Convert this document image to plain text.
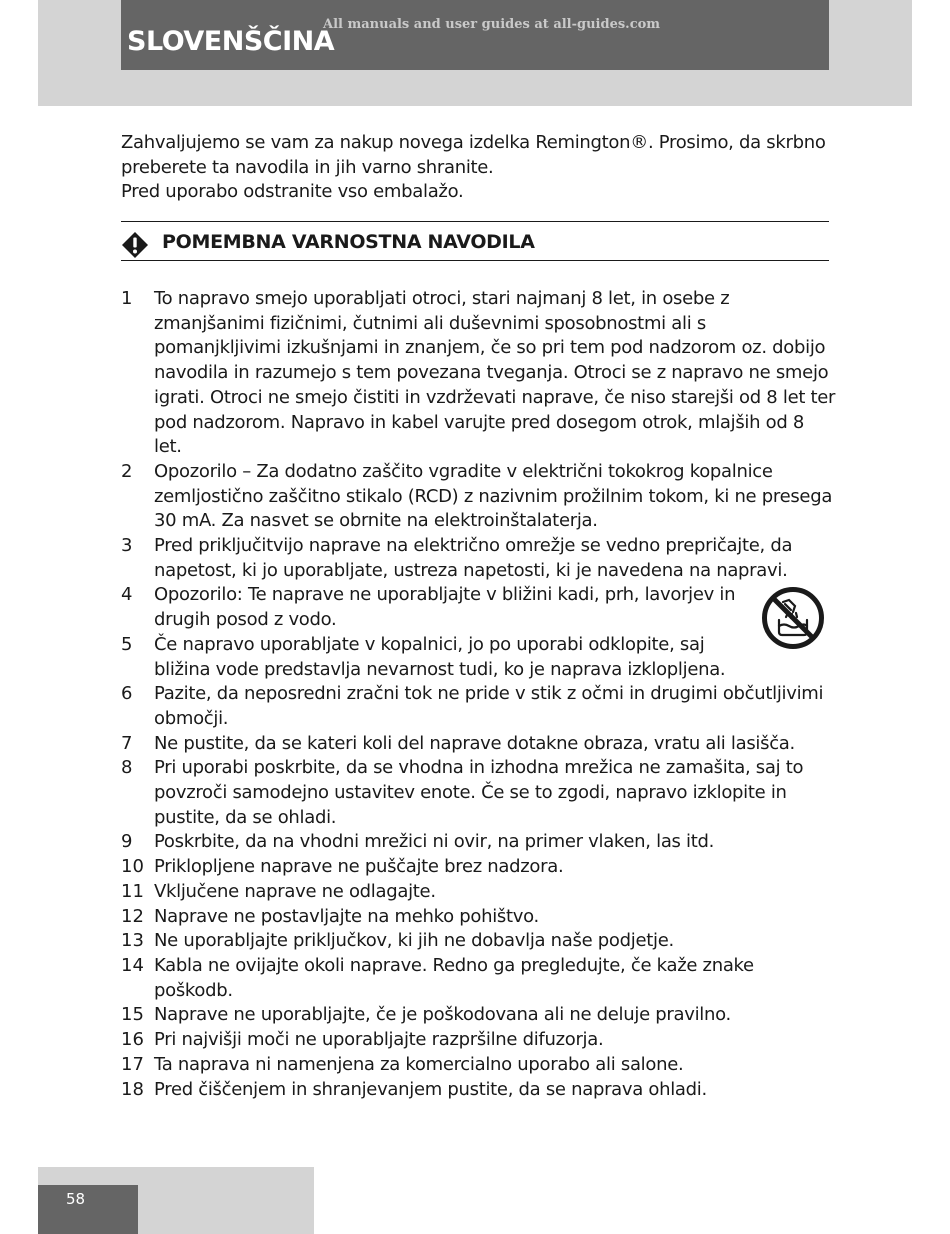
SLOVENŠČINA
All manuals and user guides at all-guides.com

Zahvaljujemo se vam za nakup novega izdelka Remington®. Prosimo, da skrbno

preberete ta navodila in jih varno shranite.

Pred uporabo odstranite vso embalažo.

POMEMBNA VARNOSTNA NAVODILA
1 To napravo smejo uporabljati otroci, stari najmanj 8 let, in osebe z
zmanjšanimi fizičnimi, čutnimi ali duševnimi sposobnostmi ali s
pomanjkljivimi izkušnjami in znanjem, če so pri tem pod nadzorom oz. dobijo
navodila in razumejo s tem povezana tveganja. Otroci se z napravo ne smejo
igrati. Otroci ne smejo čistiti in vzdrževati naprave, če niso starejši od 8 let ter
pod nadzorom. Napravo in kabel varujte pred dosegom otrok, mlajših od 8
let.
2 Opozorilo – Za dodatno zaščito vgradite v električni tokokrog kopalnice
zemljostično zaščitno stikalo (RCD) z nazivnim prožilnim tokom, ki ne presega
30 mA. Za nasvet se obrnite na elektroinštalaterja.
3 Pred priključitvijo naprave na električno omrežje se vedno prepričajte, da
napetost, ki jo uporabljate, ustreza napetosti, ki je navedena na napravi.
4 Opozorilo: Te naprave ne uporabljajte v bližini kadi, prh, lavorjev in
drugih posod z vodo.
5 Če napravo uporabljate v kopalnici, jo po uporabi odklopite, saj
bližina vode predstavlja nevarnost tudi, ko je naprava izklopljena.
6 Pazite, da neposredni zračni tok ne pride v stik z očmi in drugimi občutljivimi
območji.
7 Ne pustite, da se kateri koli del naprave dotakne obraza, vratu ali lasišča.
8 Pri uporabi poskrbite, da se vhodna in izhodna mrežica ne zamašita, saj to
povzroči samodejno ustavitev enote. Če se to zgodi, napravo izklopite in
pustite, da se ohladi.
9 Poskrbite, da na vhodni mrežici ni ovir, na primer vlaken, las itd.
10 Priklopljene naprave ne puščajte brez nadzora.
11 Vključene naprave ne odlagajte.
12 Naprave ne postavljajte na mehko pohištvo.
13 Ne uporabljajte priključkov, ki jih ne dobavlja naše podjetje.
14 Kabla ne ovijajte okoli naprave. Redno ga pregledujte, če kaže znake
poškodb.
15 Naprave ne uporabljajte, če je poškodovana ali ne deluje pravilno.
16 Pri najvišji moči ne uporabljajte razpršilne difuzorja.
17 Ta naprava ni namenjena za komercialno uporabo ali salone.
18 Pred čiščenjem in shranjevanjem pustite, da se naprava ohladi.
58
